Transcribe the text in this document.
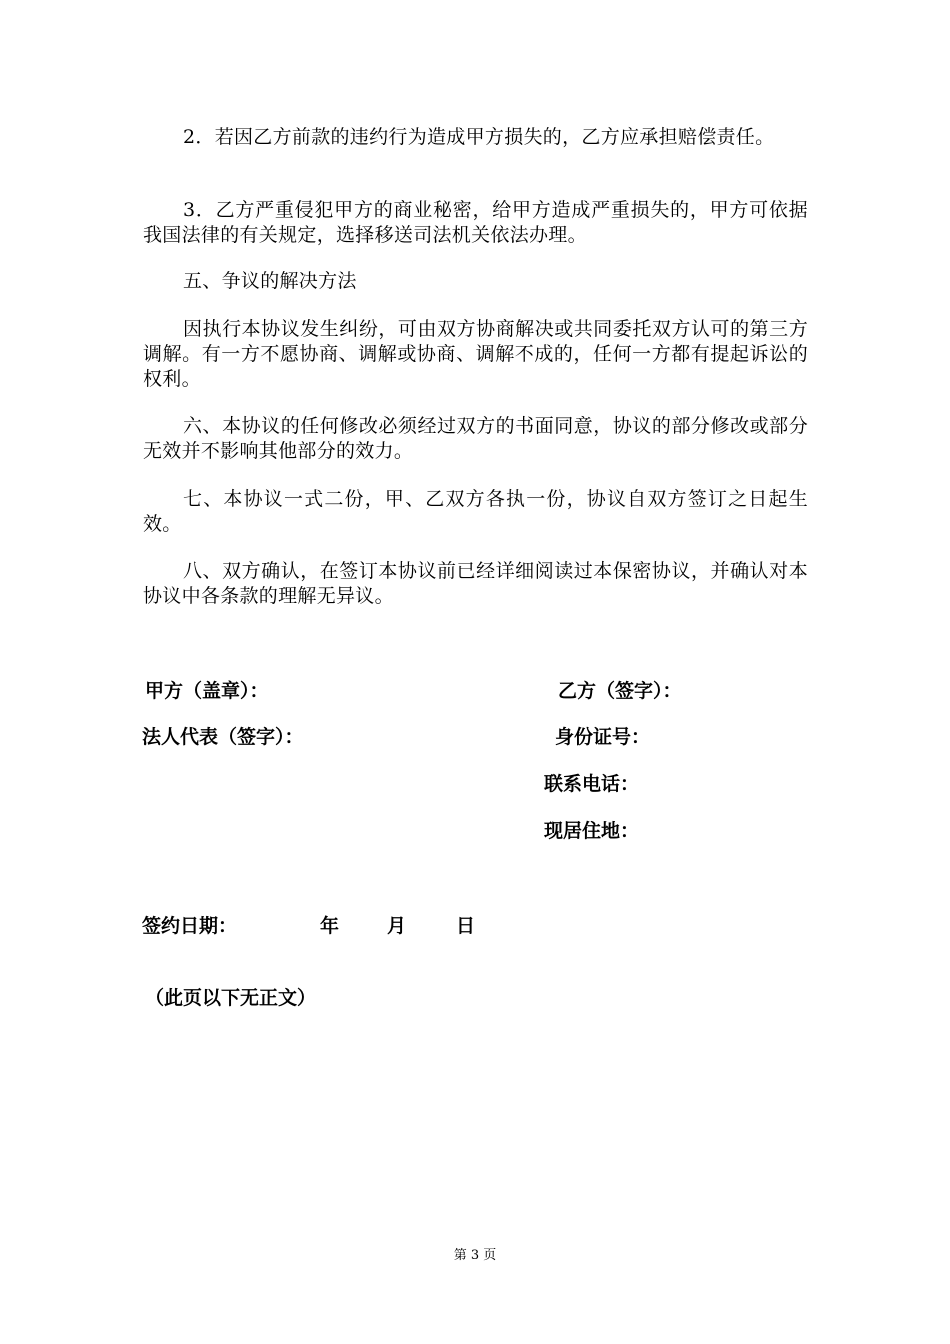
2．若因乙方前款的违约行为造成甲方损失的，乙方应承担赔偿责任。

3．乙方严重侵犯甲方的商业秘密，给甲方造成严重损失的，甲方可依据我国法律的有关规定，选择移送司法机关依法办理。

五、争议的解决方法

因执行本协议发生纠纷，可由双方协商解决或共同委托双方认可的第三方调解。有一方不愿协商、调解或协商、调解不成的，任何一方都有提起诉讼的权利。

六、本协议的任何修改必须经过双方的书面同意，协议的部分修改或部分无效并不影响其他部分的效力。

七、本协议一式二份，甲、乙双方各执一份，协议自双方签订之日起生效。

八、双方确认，在签订本协议前已经详细阅读过本保密协议，并确认对本协议中各条款的理解无异议。

甲方（盖章）：	乙方（签字）：
法人代表（签字）：	身份证号：
联系电话：
现居住地：
签约日期：	年	月	日
（此页以下无正文）
第 3 页
